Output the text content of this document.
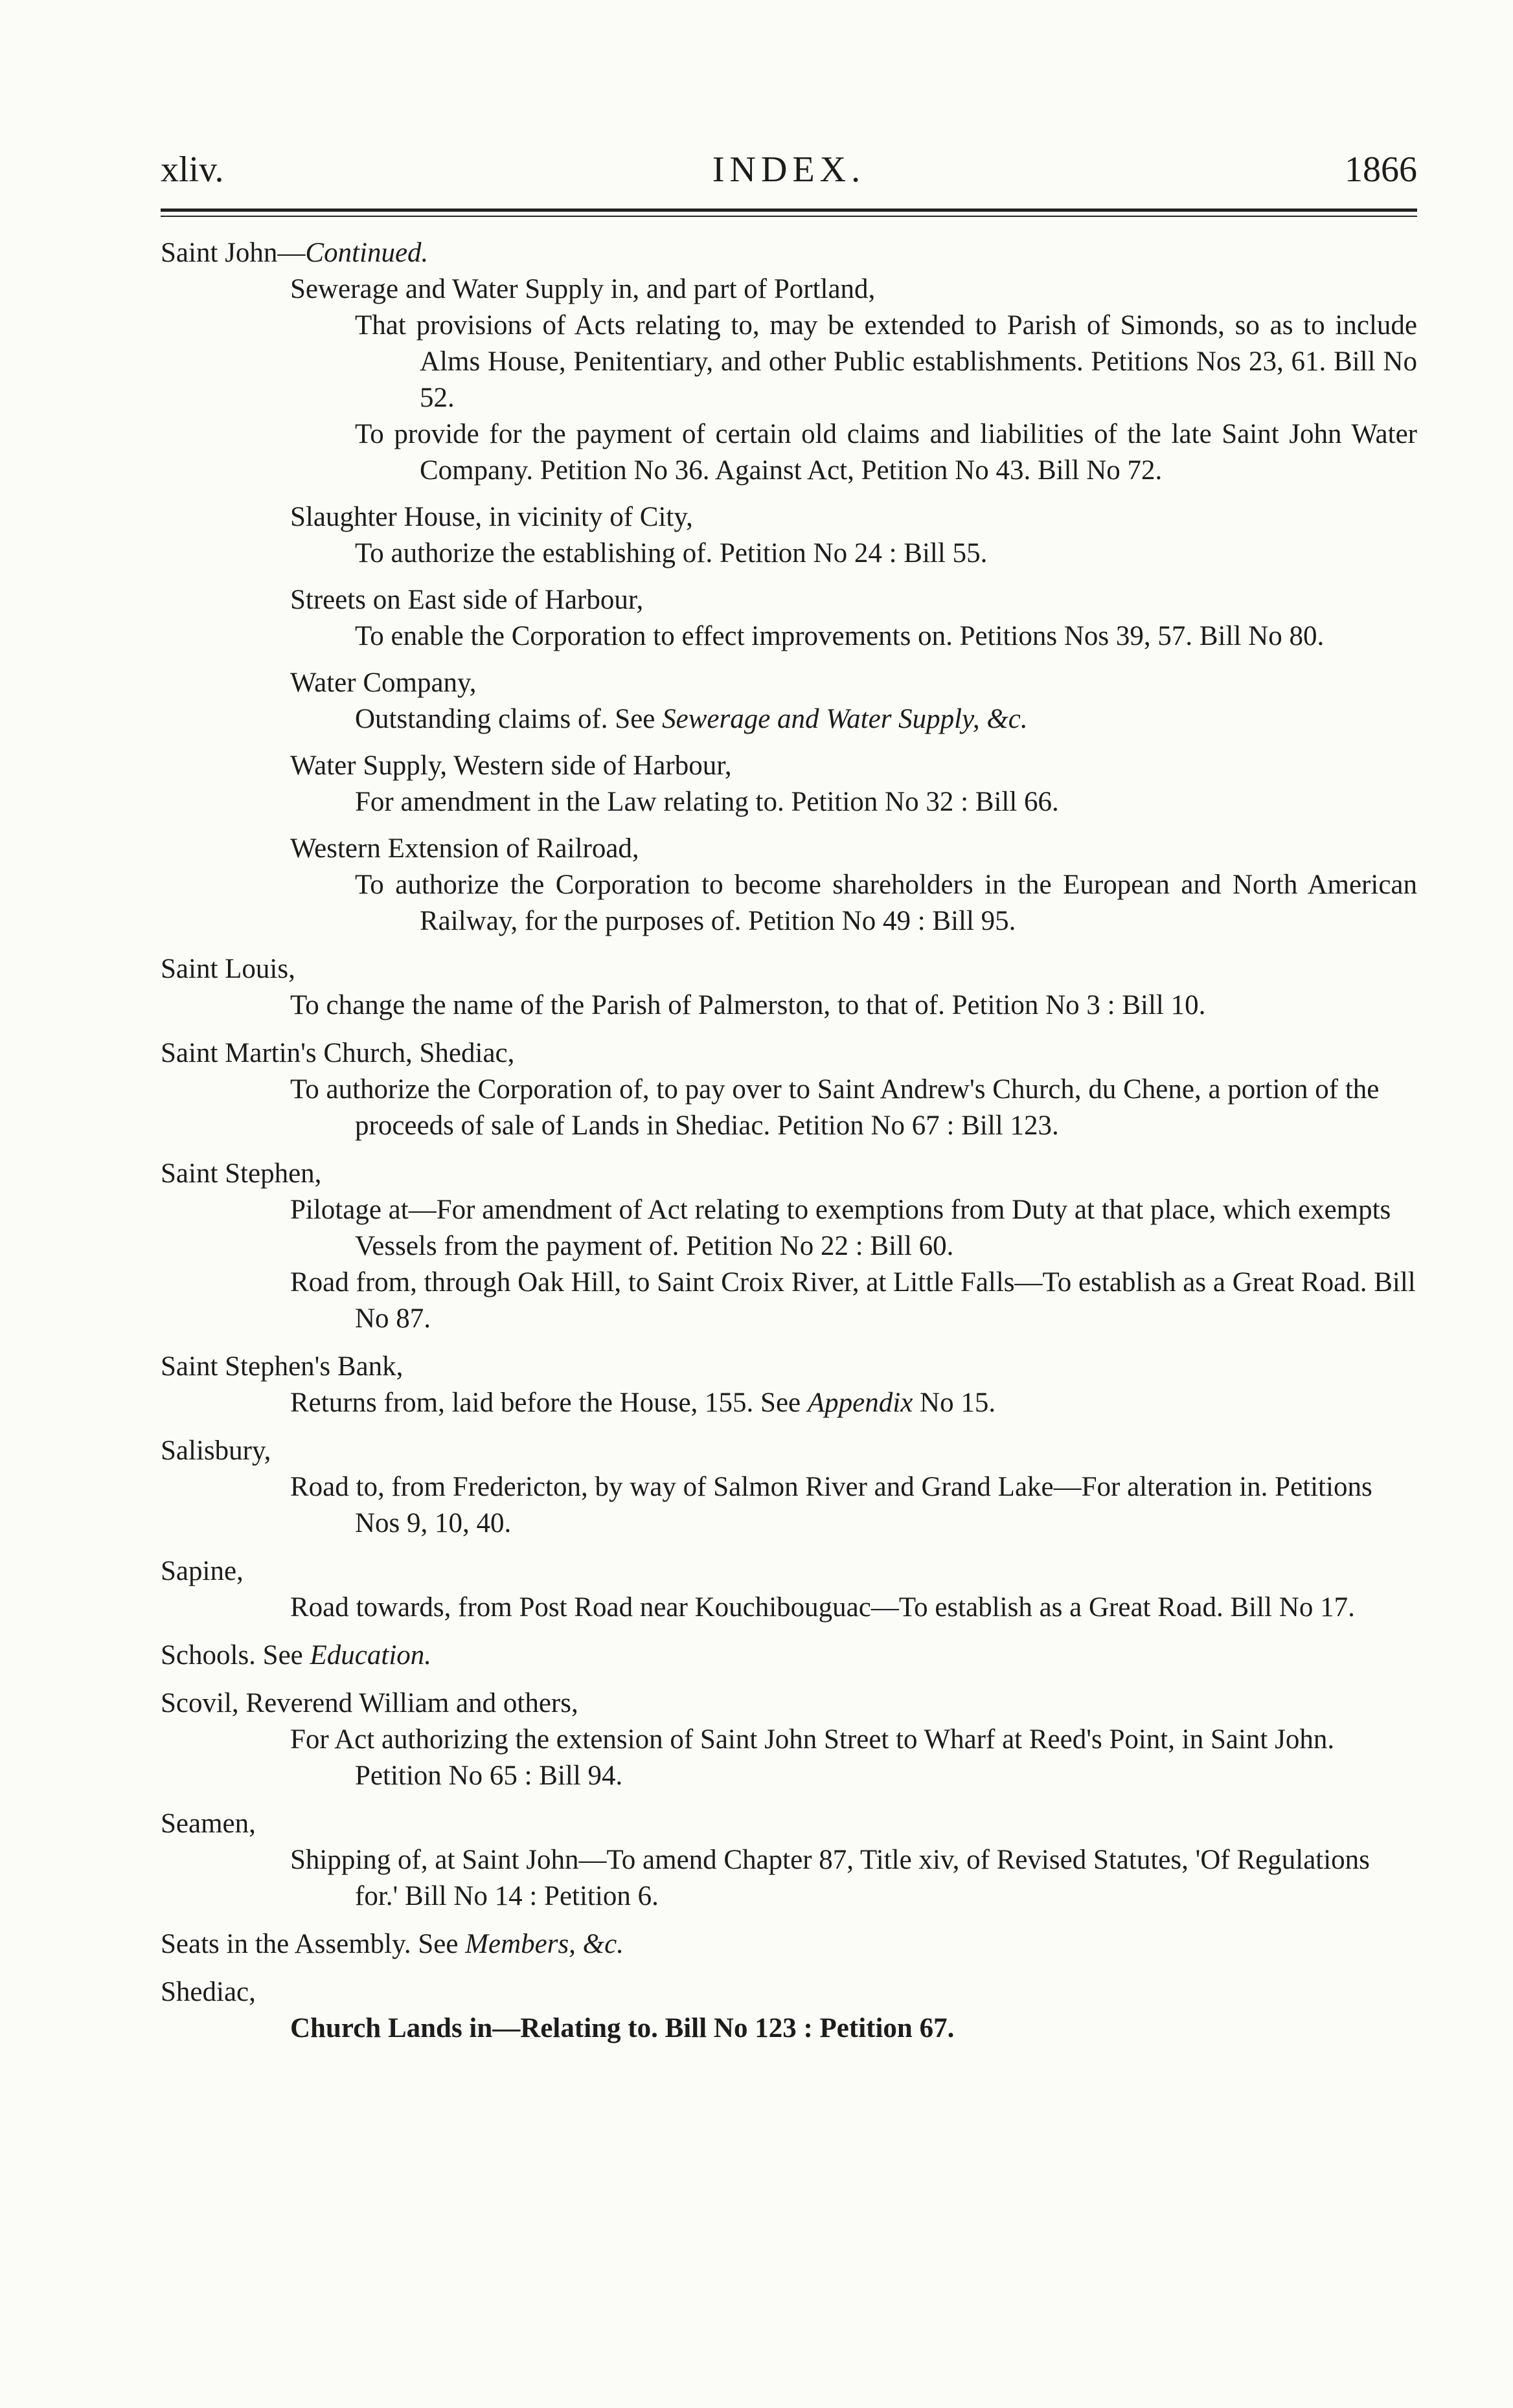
xliv.	INDEX.	1866

Saint John—Continued.

Sewerage and Water Supply in, and part of Portland,

That provisions of Acts relating to, may be extended to Parish of Simonds, so as to include Alms House, Penitentiary, and other Public establishments. Petitions Nos 23, 61. Bill No 52.

To provide for the payment of certain old claims and liabilities of the late Saint John Water Company. Petition No 36. Against Act, Petition No 43. Bill No 72.

Slaughter House, in vicinity of City,

To authorize the establishing of. Petition No 24 : Bill 55.

Streets on East side of Harbour,

To enable the Corporation to effect improvements on. Petitions Nos 39, 57. Bill No 80.

Water Company,

Outstanding claims of. See Sewerage and Water Supply, &c.

Water Supply, Western side of Harbour,

For amendment in the Law relating to. Petition No 32 : Bill 66.

Western Extension of Railroad,

To authorize the Corporation to become shareholders in the European and North American Railway, for the purposes of. Petition No 49 : Bill 95.

Saint Louis,

To change the name of the Parish of Palmerston, to that of. Petition No 3 : Bill 10.

Saint Martin's Church, Shediac,

To authorize the Corporation of, to pay over to Saint Andrew's Church, du Chene, a portion of the proceeds of sale of Lands in Shediac. Petition No 67 : Bill 123.

Saint Stephen,

Pilotage at—For amendment of Act relating to exemptions from Duty at that place, which exempts Vessels from the payment of. Petition No 22 : Bill 60.

Road from, through Oak Hill, to Saint Croix River, at Little Falls—To establish as a Great Road. Bill No 87.

Saint Stephen's Bank,

Returns from, laid before the House, 155. See Appendix No 15.

Salisbury,

Road to, from Fredericton, by way of Salmon River and Grand Lake—For alteration in. Petitions Nos 9, 10, 40.

Sapine,

Road towards, from Post Road near Kouchibouguac—To establish as a Great Road. Bill No 17.

Schools. See Education.

Scovil, Reverend William and others,

For Act authorizing the extension of Saint John Street to Wharf at Reed's Point, in Saint John. Petition No 65 : Bill 94.

Seamen,

Shipping of, at Saint John—To amend Chapter 87, Title xiv, of Revised Statutes, 'Of Regulations for.' Bill No 14 : Petition 6.

Seats in the Assembly. See Members, &c.

Shediac,

Church Lands in—Relating to. Bill No 123 : Petition 67.
